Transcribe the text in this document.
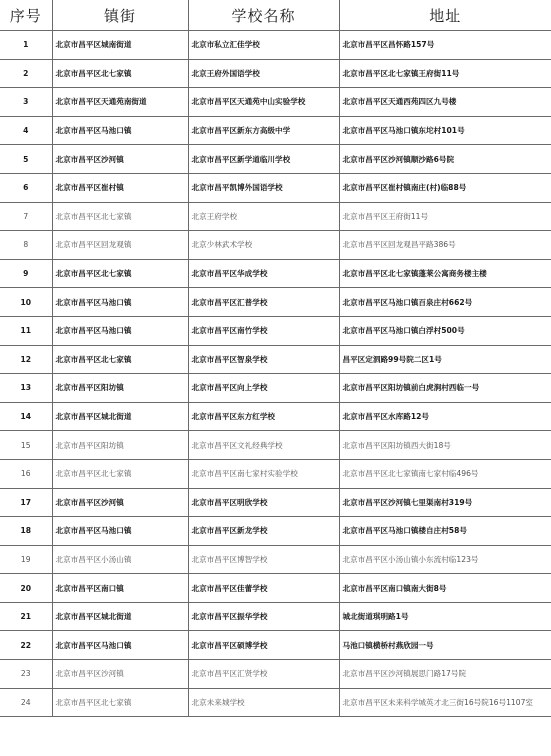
序号	镇街	学校名称	地址
1	北京市昌平区城南街道	北京市私立汇佳学校	北京市昌平区昌怀路157号
2	北京市昌平区北七家镇	北京王府外国语学校	北京市昌平区北七家镇王府街11号
3	北京市昌平区天通苑南街道	北京市昌平区天通苑中山实验学校	北京市昌平区天通西苑四区九号楼
4	北京市昌平区马池口镇	北京市昌平区新东方高级中学	北京市昌平区马池口镇东坨村101号
5	北京市昌平区沙河镇	北京市昌平区新学道临川学校	北京市昌平区沙河镇顺沙路6号院
6	北京市昌平区崔村镇	北京市昌平凯博外国语学校	北京市昌平区崔村镇南庄(村)临88号
7	北京市昌平区北七家镇	北京王府学校	北京市昌平区王府街11号
8	北京市昌平区回龙观镇	北京少林武术学校	北京市昌平区回龙观昌平路386号
9	北京市昌平区北七家镇	北京市昌平区华成学校	北京市昌平区北七家镇蓬莱公寓商务楼主楼
10	北京市昌平区马池口镇	北京市昌平区汇普学校	北京市昌平区马池口镇百泉庄村662号
11	北京市昌平区马池口镇	北京市昌平区南竹学校	北京市昌平区马池口镇白浮村500号
12	北京市昌平区北七家镇	北京市昌平区智泉学校	昌平区定泗路99号院二区1号
13	北京市昌平区阳坊镇	北京市昌平区向上学校	北京市昌平区阳坊镇前白虎涧村西临一号
14	北京市昌平区城北街道	北京市昌平区东方红学校	北京市昌平区水库路12号
15	北京市昌平区阳坊镇	北京市昌平区文礼经典学校	北京市昌平区阳坊镇西大街18号
16	北京市昌平区北七家镇	北京市昌平区南七家村实验学校	北京市昌平区北七家镇南七家村临496号
17	北京市昌平区沙河镇	北京市昌平区明欣学校	北京市昌平区沙河镇七里渠南村319号
18	北京市昌平区马池口镇	北京市昌平区新龙学校	北京市昌平区马池口镇楼自庄村58号
19	北京市昌平区小汤山镇	北京市昌平区博智学校	北京市昌平区小汤山镇小东流村临123号
20	北京市昌平区南口镇	北京市昌平区佳蕾学校	北京市昌平区南口镇南大街8号
21	北京市昌平区城北街道	北京市昌平区振华学校	城北街道琪明路1号
22	北京市昌平区马池口镇	北京市昌平区硕博学校	马池口镇横桥村燕欣园一号
23	北京市昌平区沙河镇	北京市昌平区汇贤学校	北京市昌平区沙河镇展思门路17号院
24	北京市昌平区北七家镇	北京未来城学校	北京市昌平区未来科学城英才北三街16号院16号1107室
